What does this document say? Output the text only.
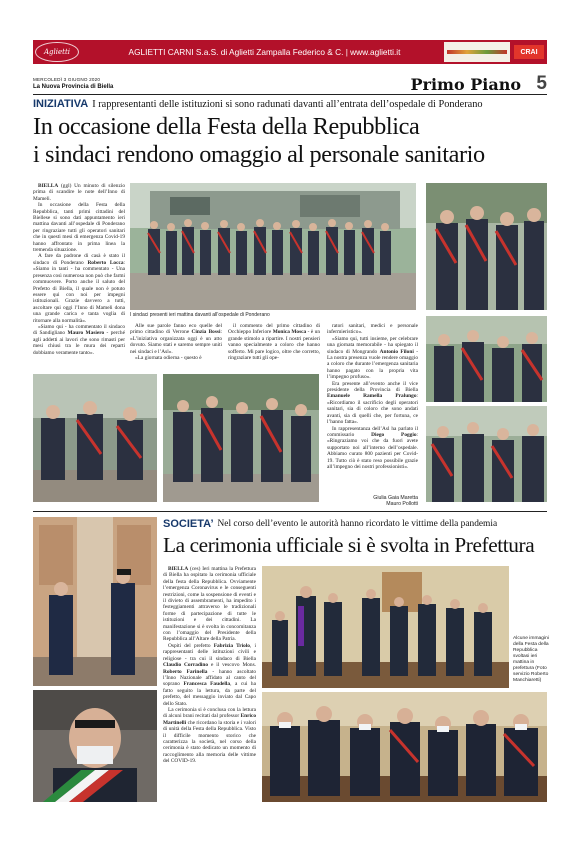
Aglietti	AGLIETTI CARNI S.a.S. di Aglietti Zampalla Federico & C. | www.aglietti.it	CRAI
MERCOLEDÌ 3 GIUGNO 2020
La Nuova Provincia di Biella	Primo Piano 5
INIZIATIVA I rappresentanti delle istituzioni si sono radunati davanti all’entrata dell’ospedale di Ponderano
In occasione della Festa della Repubblica
i sindaci rendono omaggio al personale sanitario

BIELLA (ggl) Un minuto di silenzio prima di scandire le note dell’Inno di Mameli.

In occasione della Festa della Repubblica, tanti primi cittadini del Biellese si sono dati appuntamento ieri mattina davanti all’ospedale di Ponderano per ringraziare tutti gli operatori sanitari che in questi mesi di emergenza Covid-19 hanno affrontato in prima linea la tremenda situazione.

A fare da padrone di casà è stato il sindaco di Ponderano Roberto Locca: «Siamo in tanti - ha commentato - Una presenza così numerosa non può che farmi commuovere. Porto anche il saluto del Prefetto di Biella, il quale non è potuto essere qui con noi per impegni istituzionali. Grazie davvero a tutti, ascoltare qui oggi l’Inno di Mameli dona una grande carica e tanta voglia di ritornare alla normalità».

«Siamo qui - ha commentato il sindaco di Sandigliano Mauro Masiero - perché agli addetti ai lavori che sono rimasti per mesi chiusi tra le mura dei reparti dobbiamo veramente tanto».

I sindaci presenti ieri mattina davanti all’ospedale di Ponderano

Alle sue parole fanno eco quelle del primo cittadino di Verrone Cinzia Bossi: «L’iniziativa organizzata oggi è un atto dovuto. Siamo stati e saremo sempre uniti nei sindaci e l’Asl».

«La giornata odierna - questo è

il commento del primo cittadino di Occhieppo Inferiore Monica Mosca - è un grande stimolo a ripartire. I nostri pensieri vanno specialmente a coloro che hanno sofferto. Mi pare logico, oltre che corretto, ringraziare tutti gli ope-

ratori sanitari, medici e personale infermieristico».

«Siamo qui, tutti insieme, per celebrare una giornata memorabile - ha spiegato il sindaco di Mongrando Antonio Filoni - La nostra presenza vuole rendere omaggio a coloro che durante l’emergenza sanitaria hanno pagato con la propria vita l’impegno profuso».

Era presente all’evento anche il vice presidente della Provincia di Biella Emanuele Ramella Pralungo: «Ricordiamo il sacrificio degli operatori sanitari, sia di coloro che sono andati avanti, sia di quelli che, per fortuna, ce l’hanno fatta».

In rappresentanza dell’Asl ha parlato il commissario	Diego Poggio: «Ringraziamo voi che da fuori avete supportato noi all’interno dell’ospedale. Abbiamo curato 800 pazienti per Covid-19. Tutto ciò è stato reso possibile grazie all’impegno dei nostri professionisti».

Giulia Gaia Maretta
Mauro Pollotti
SOCIETA’ Nel corso dell’evento le autorità hanno ricordato le vittime della pandemia
La cerimonia ufficiale si è svolta in Prefettura

BIELLA (ces) Ieri mattina la Prefettura di Biella ha ospitato la cerimonia ufficiale della festa della Repubblica. Ovviamente l’emergenza Coronavirus e le conseguenti restrizioni, come la sospensione di eventi e il divieto di assembramenti, ha impedito i festeggiamenti attraverso le tradizionali forme di partecipazione di tutte le istituzioni e dei cittadini. La manifestazione si è svolta in concomitanza con l’omaggio del Presidente della Repubblica all’Altare della Patria.

Ospiti del prefetto Fabrizia Triolo, i rappresentanti delle istituzioni civili e religiose - tra cui il sindaco di Biella Claudio Corradino e il vescovo Mons. Roberto Farinella - hanno ascoltato l’Inno Nazionale affidato al canto del soprano Francesca Faudella, a cui ha fatto seguito la lettura, da parte del prefetto, del messaggio inviato dal Capo dello Stato.

La cerimonia si è conclusa con la lettura di alcuni brani recitati dal professor Enrico Martinelli che ricordano la storia e i valori di unità della Festa della Repubblica. Visto il difficile momento storico che caratterizza la società, nel corso della cerimonia è stato dedicato un momento di raccoglimento alla memoria delle vittime del COVID-19.

Alcune immagini della Festa della Repubblica svoltasi ieri mattina in prefettura (Foto servizio Roberto Manchiaretti)
